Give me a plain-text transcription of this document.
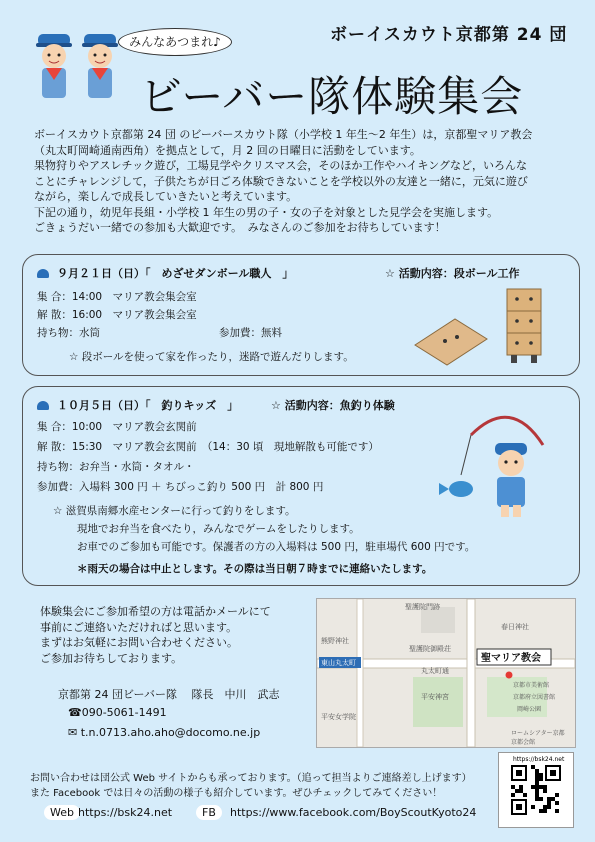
みんなあつまれ♪	ボーイスカウト京都第 24 団
ビーバー隊体験集会

ボーイスカウト京都第 24 団 のビーバースカウト隊（小学校 1 年生～2 年生）は，京都聖マリア教会

（丸太町岡崎通南西角）を拠点として，月 2 回の日曜日に活動をしています。

果物狩りやアスレチック遊び，工場見学やクリスマス会，そのほか工作やハイキングなど，いろんな

ことにチャレンジして，子供たちが日ごろ体験できないことを学校以外の友達と一緒に，元気に遊び

ながら，楽しんで成長していきたいと考えています。

下記の通り，幼児年長組・小学校 1 年生の男の子・女の子を対象とした見学会を実施します。

ごきょうだい一緒での参加も大歓迎です。　みなさんのご参加をお待ちしています！

９月２１日（日）「　めざせダンボール職人　」	☆ 活動内容：段ボール工作
集 合：14:00　マリア教会集会室
解 散：16:00　マリア教会集会室
持ち物：水筒	参加費：無料
☆ 段ボールを使って家を作ったり，迷路で遊んだりします。
１０月５日（日）「　釣りキッズ　」	☆ 活動内容：魚釣り体験
集 合：10:00　マリア教会玄関前
解 散：15:30　マリア教会玄関前　（14：30 頃　現地解散も可能です）
持ち物：お弁当・水筒・タオル・
参加費：入場料 300 円 ＋ ちびっこ釣り 500 円　計 800 円
☆ 滋賀県南郷水産センターに行って釣りをします。
現地でお弁当を食べたり，みんなでゲームをしたりします。
お車でのご参加も可能です。保護者の方の入場料は 500 円，駐車場代 600 円です。
＊雨天の場合は中止とします。その際は当日朝７時までに連絡いたします。
体験集会にご参加希望の方は電話かメールにて
事前にご連絡いただければと思います。
まずはお気軽にお問い合わせください。
ご参加お待ちしております。
京都第 24 団ビーバー隊　 隊長　中川　武志
☎090-5061-1491
✉ t.n.0713.aho.aho@docomo.ne.jp
聖護院門跡
春日神社
熊野神社
聖護院御殿荘
平安神宮
京都市美術館
京都府立図書館
岡崎公園
平安女学院
ロームシアター京都
京都会館
東山丸太町
丸太町通
聖マリア教会
https://bsk24.net
お問い合わせは団公式 Web サイトからも承っております。（追って担当よりご連絡差し上げます）
また Facebook では日々の活動の様子も紹介しています。ぜひチェックしてみてください！
Web https://bsk24.net	FB	https://www.facebook.com/BoyScoutKyoto24
